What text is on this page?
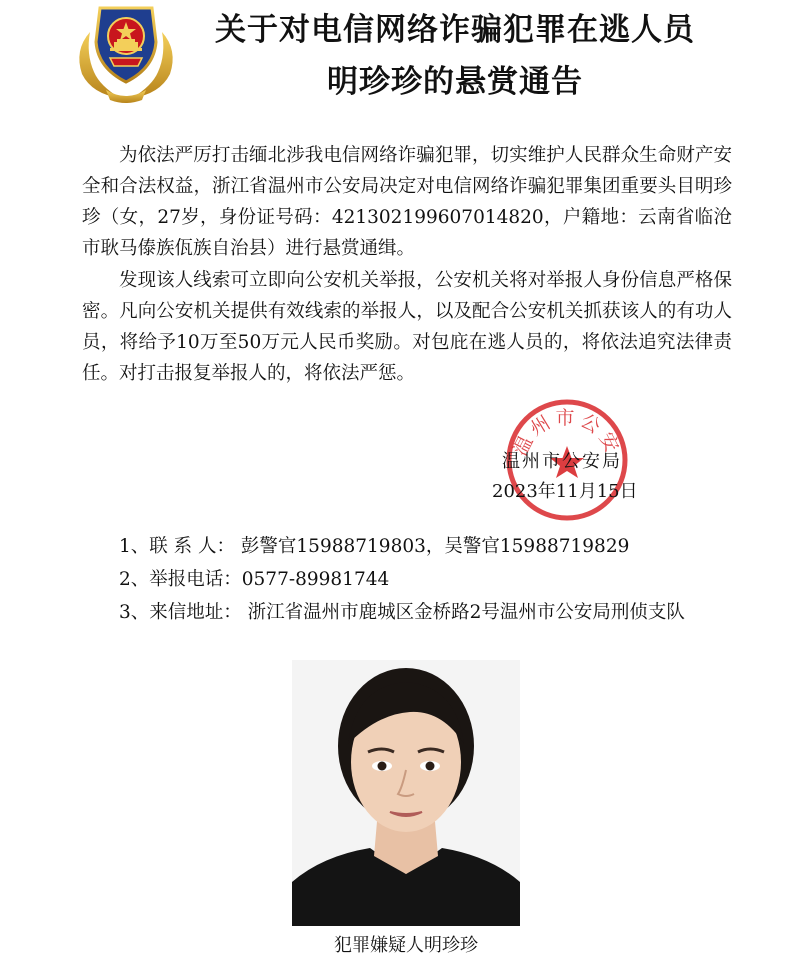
关于对电信网络诈骗犯罪在逃人员
明珍珍的悬赏通告

为依法严厉打击缅北涉我电信网络诈骗犯罪，切实维护人民群众生命财产安全和合法权益，浙江省温州市公安局决定对电信网络诈骗犯罪集团重要头目明珍珍（女，27岁，身份证号码：421302199607014820，户籍地：云南省临沧市耿马傣族佤族自治县）进行悬赏通缉。

发现该人线索可立即向公安机关举报，公安机关将对举报人身份信息严格保密。凡向公安机关提供有效线索的举报人，以及配合公安机关抓获该人的有功人员，将给予10万至50万元人民币奖励。对包庇在逃人员的，将依法追究法律责任。对打击报复举报人的，将依法严惩。

温州市公安
温州市公安局
2023年11月15日

1、联 系 人： 彭警官15988719803，吴警官15988719829

2、举报电话：0577-89981744

3、来信地址： 浙江省温州市鹿城区金桥路2号温州市公安局刑侦支队

犯罪嫌疑人明珍珍
